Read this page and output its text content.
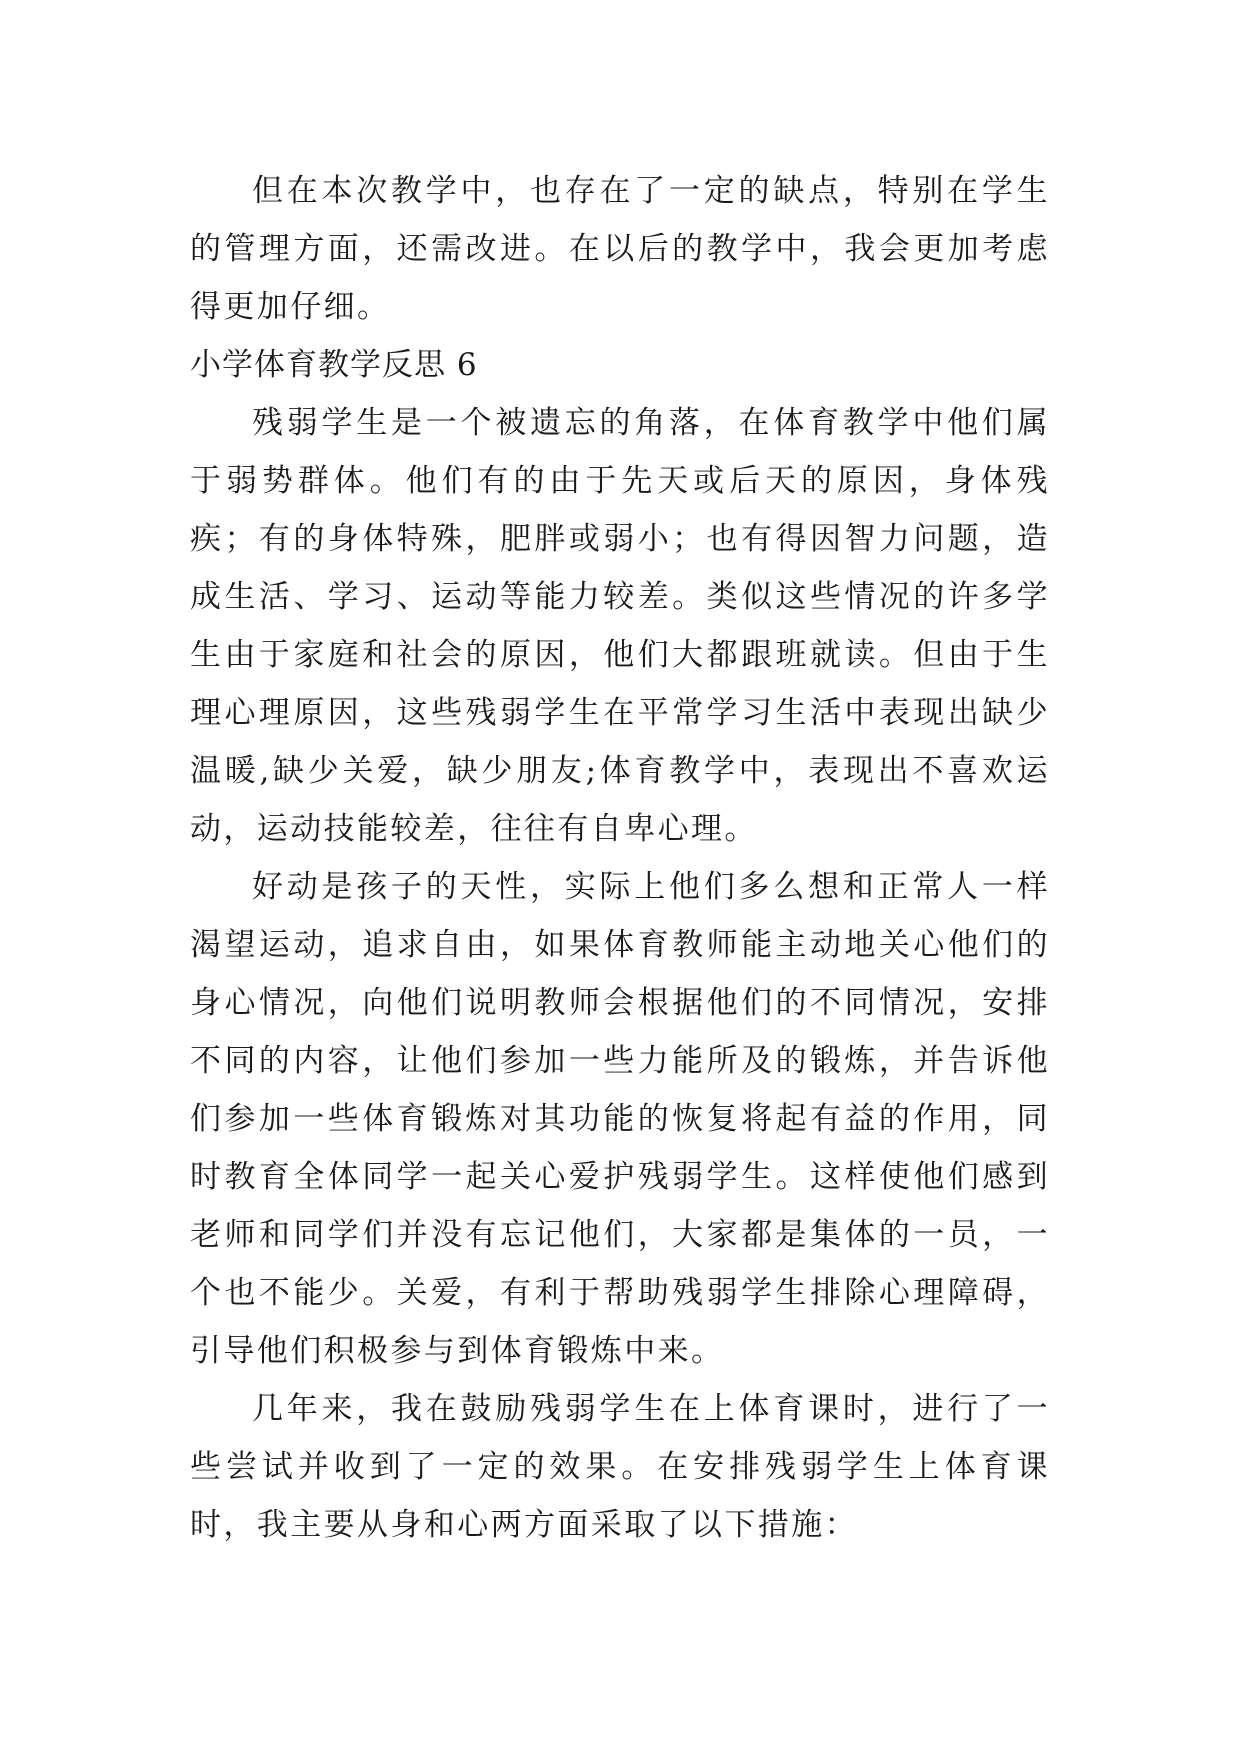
但在本次教学中，也存在了一定的缺点，特别在学生的管理方面，还需改进。在以后的教学中，我会更加考虑得更加仔细。

小学体育教学反思 6

残弱学生是一个被遗忘的角落，在体育教学中他们属于弱势群体。他们有的由于先天或后天的原因，身体残疾；有的身体特殊，肥胖或弱小；也有得因智力问题，造成生活、学习、运动等能力较差。类似这些情况的许多学生由于家庭和社会的原因，他们大都跟班就读。但由于生理心理原因，这些残弱学生在平常学习生活中表现出缺少温暖,缺少关爱，缺少朋友;体育教学中，表现出不喜欢运动，运动技能较差，往往有自卑心理。

好动是孩子的天性，实际上他们多么想和正常人一样渴望运动，追求自由，如果体育教师能主动地关心他们的身心情况，向他们说明教师会根据他们的不同情况，安排不同的内容，让他们参加一些力能所及的锻炼，并告诉他们参加一些体育锻炼对其功能的恢复将起有益的作用，同时教育全体同学一起关心爱护残弱学生。这样使他们感到老师和同学们并没有忘记他们，大家都是集体的一员，一个也不能少。关爱，有利于帮助残弱学生排除心理障碍，引导他们积极参与到体育锻炼中来。

几年来，我在鼓励残弱学生在上体育课时，进行了一些尝试并收到了一定的效果。在安排残弱学生上体育课时，我主要从身和心两方面采取了以下措施：
